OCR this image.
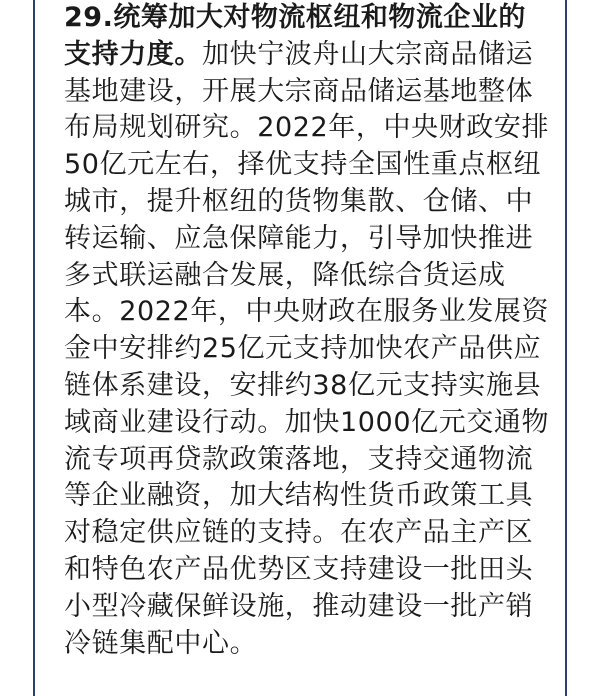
29.统筹加大对物流枢纽和物流企业的
支持力度。加快宁波舟山大宗商品储运
基地建设，开展大宗商品储运基地整体
布局规划研究。2022年，中央财政安排
50亿元左右，择优支持全国性重点枢纽
城市，提升枢纽的货物集散、仓储、中
转运输、应急保障能力，引导加快推进
多式联运融合发展，降低综合货运成
本。2022年，中央财政在服务业发展资
金中安排约25亿元支持加快农产品供应
链体系建设，安排约38亿元支持实施县
域商业建设行动。加快1000亿元交通物
流专项再贷款政策落地，支持交通物流
等企业融资，加大结构性货币政策工具
对稳定供应链的支持。在农产品主产区
和特色农产品优势区支持建设一批田头
小型冷藏保鲜设施，推动建设一批产销
冷链集配中心。
